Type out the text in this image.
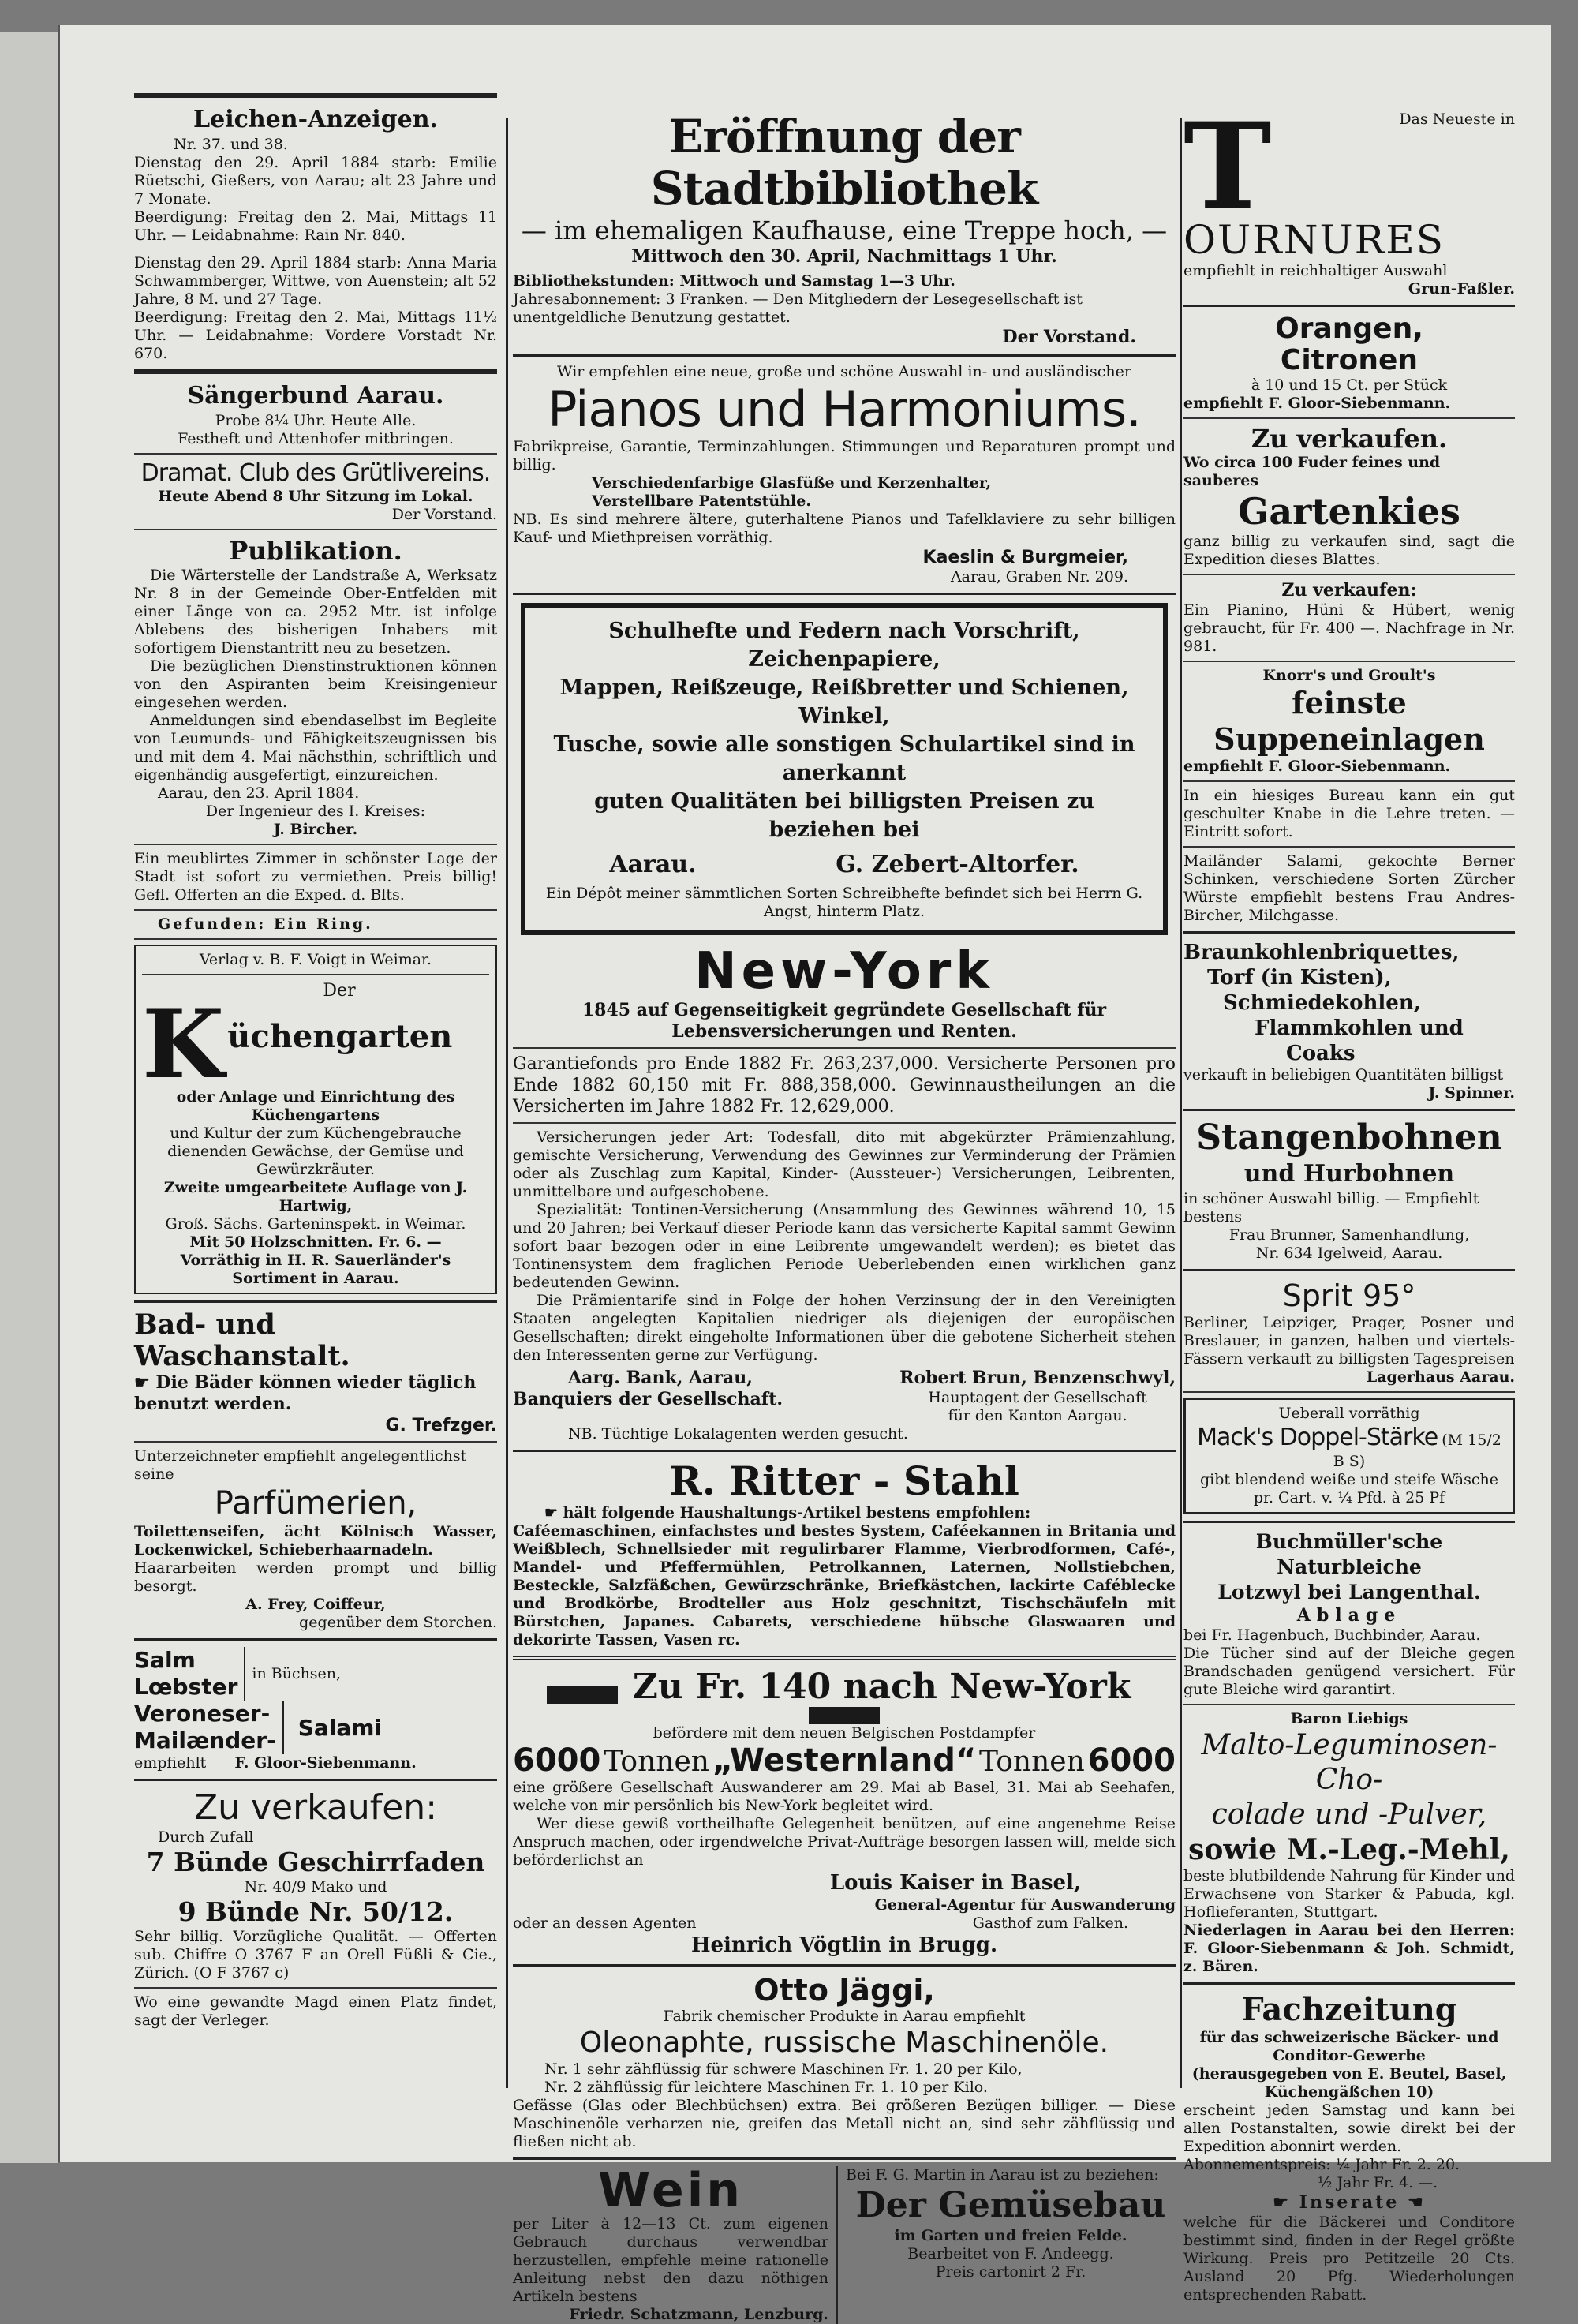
Leichen-Anzeigen.

Nr. 37. und 38.

Dienstag den 29. April 1884 starb: Emilie Rüetschi, Gießers, von Aarau; alt 23 Jahre und 7 Monate.

Beerdigung: Freitag den 2. Mai, Mittags 11 Uhr. — Leidabnahme: Rain Nr. 840.

Dienstag den 29. April 1884 starb: Anna Maria Schwammberger, Wittwe, von Auenstein; alt 52 Jahre, 8 M. und 27 Tage.

Beerdigung: Freitag den 2. Mai, Mittags 11½ Uhr. — Leidabnahme: Vordere Vorstadt Nr. 670.

Sängerbund Aarau.

Probe 8¼ Uhr. Heute Alle.

Festheft und Attenhofer mitbringen.

Dramat. Club des Grütlivereins.

Heute Abend 8 Uhr Sitzung im Lokal.

Der Vorstand.

Publikation.

Die Wärterstelle der Landstraße A, Werksatz Nr. 8 in der Gemeinde Ober-Entfelden mit einer Länge von ca. 2952 Mtr. ist infolge Ablebens des bisherigen Inhabers mit sofortigem Dienstantritt neu zu besetzen.

Die bezüglichen Dienstinstruktionen können von den Aspiranten beim Kreisingenieur eingesehen werden.

Anmeldungen sind ebendaselbst im Begleite von Leumunds- und Fähigkeitszeugnissen bis und mit dem 4. Mai nächsthin, schriftlich und eigenhändig ausgefertigt, einzureichen.

Aarau, den 23. April 1884.

Der Ingenieur des I. Kreises:

J. Bircher.

Ein meublirtes Zimmer in schönster Lage der Stadt ist sofort zu vermiethen. Preis billig! Gefl. Offerten an die Exped. d. Blts.

Gefunden: Ein Ring.

Verlag v. B. F. Voigt in Weimar.

Der

K üchengarten

oder Anlage und Einrichtung des Küchengartens

und Kultur der zum Küchengebrauche dienenden Gewächse, der Gemüse und Gewürzkräuter.

Zweite umgearbeitete Auflage von J. Hartwig,

Groß. Sächs. Garteninspekt. in Weimar.

Mit 50 Holzschnitten. Fr. 6. —

Vorräthig in H. R. Sauerländer's Sortiment in Aarau.

Bad- und Waschanstalt.

☛ Die Bäder können wieder täglich benutzt werden.

G. Trefzger.

Unterzeichneter empfiehlt angelegentlichst seine

Parfümerien,

Toilettenseifen, ächt Kölnisch Wasser, Lockenwickel, Schieberhaarnadeln.

Haararbeiten werden prompt und billig besorgt.

A. Frey, Coiffeur,

gegenüber dem Storchen.

Salm

Lœbster

in Büchsen,

Veroneser-

Mailænder-	Salami

empfiehlt F. Gloor-Siebenmann.

Zu verkaufen:

Durch Zufall

7 Bünde Geschirrfaden

Nr. 40/9 Mako und

9 Bünde Nr. 50/12.

Sehr billig. Vorzügliche Qualität. — Offerten sub. Chiffre O 3767 F an Orell Füßli & Cie., Zürich. (O F 3767 c)

Wo eine gewandte Magd einen Platz findet, sagt der Verleger.

Eröffnung der Stadtbibliothek

— im ehemaligen Kaufhause, eine Treppe hoch, —

Mittwoch den 30. April, Nachmittags 1 Uhr.

Bibliothekstunden: Mittwoch und Samstag 1—3 Uhr.

Jahresabonnement: 3 Franken. — Den Mitgliedern der Lesegesellschaft ist unentgeldliche Benutzung gestattet.

Der Vorstand.

Wir empfehlen eine neue, große und schöne Auswahl in- und ausländischer

Pianos und Harmoniums.

Fabrikpreise, Garantie, Terminzahlungen. Stimmungen und Reparaturen prompt und billig.

Verschiedenfarbige Glasfüße und Kerzenhalter,

Verstellbare Patentstühle.

NB. Es sind mehrere ältere, guterhaltene Pianos und Tafelklaviere zu sehr billigen Kauf- und Miethpreisen vorräthig.

Kaeslin & Burgmeier,

Aarau, Graben Nr. 209.

Schulhefte und Federn nach Vorschrift, Zeichenpapiere,

Mappen, Reißzeuge, Reißbretter und Schienen, Winkel,

Tusche, sowie alle sonstigen Schulartikel sind in anerkannt

guten Qualitäten bei billigsten Preisen zu beziehen bei

Aarau.	G. Zebert-Altorfer.

Ein Dépôt meiner sämmtlichen Sorten Schreibhefte befindet sich bei Herrn G. Angst, hinterm Platz.

New-York

1845 auf Gegenseitigkeit gegründete Gesellschaft für Lebensversicherungen und Renten.

Garantiefonds pro Ende 1882 Fr. 263,237,000. Versicherte Personen pro Ende 1882 60,150 mit Fr. 888,358,000. Gewinnaustheilungen an die Versicherten im Jahre 1882 Fr. 12,629,000.

Versicherungen jeder Art: Todesfall, dito mit abgekürzter Prämienzahlung, gemischte Versicherung, Verwendung des Gewinnes zur Verminderung der Prämien oder als Zuschlag zum Kapital, Kinder- (Aussteuer-) Versicherungen, Leibrenten, unmittelbare und aufgeschobene.

Spezialität: Tontinen-Versicherung (Ansammlung des Gewinnes während 10, 15 und 20 Jahren; bei Verkauf dieser Periode kann das versicherte Kapital sammt Gewinn sofort baar bezogen oder in eine Leibrente umgewandelt werden); es bietet das Tontinensystem dem fraglichen Periode Ueberlebenden einen wirklichen ganz bedeutenden Gewinn.

Die Prämientarife sind in Folge der hohen Verzinsung der in den Vereinigten Staaten angelegten Kapitalien niedriger als diejenigen der europäischen Gesellschaften; direkt eingeholte Informationen über die gebotene Sicherheit stehen den Interessenten gerne zur Verfügung.

Aarg. Bank, Aarau,

Banquiers der Gesellschaft.

Robert Brun, Benzenschwyl,

Hauptagent der Gesellschaft

für den Kanton Aargau.

NB. Tüchtige Lokalagenten werden gesucht.

R. Ritter - Stahl

☛ hält folgende Haushaltungs-Artikel bestens empfohlen:

Caféemaschinen, einfachstes und bestes System, Caféekannen in Britania und Weißblech, Schnellsieder mit regulirbarer Flamme, Vierbrodformen, Café-, Mandel- und Pfeffermühlen, Petrolkannen, Laternen, Nollstiebchen, Besteckle, Salzfäßchen, Gewürzschränke, Briefkästchen, lackirte Caféblecke und Brodkörbe, Brodteller aus Holz geschnitzt, Tischschäufeln mit Bürstchen, Japanes. Cabarets, verschiedene hübsche Glaswaaren und dekorirte Tassen, Vasen rc.

Zu Fr. 140 nach New-York

befördere mit dem neuen Belgischen Postdampfer

6000 Tonnen „Westernland“ Tonnen 6000

eine größere Gesellschaft Auswanderer am 29. Mai ab Basel, 31. Mai ab Seehafen, welche von mir persönlich bis New-York begleitet wird.

Wer diese gewiß vortheilhafte Gelegenheit benützen, auf eine angenehme Reise Anspruch machen, oder irgendwelche Privat-Aufträge besorgen lassen will, melde sich beförderlichst an

Louis Kaiser in Basel,

General-Agentur für Auswanderung

oder an dessen Agenten	Gasthof zum Falken.

Heinrich Vögtlin in Brugg.

Otto Jäggi,

Fabrik chemischer Produkte in Aarau empfiehlt

Oleonaphte, russische Maschinenöle.

Nr. 1 sehr zähflüssig für schwere Maschinen Fr. 1. 20 per Kilo,

Nr. 2 zähflüssig für leichtere Maschinen Fr. 1. 10 per Kilo.

Gefässe (Glas oder Blechbüchsen) extra. Bei größeren Bezügen billiger. — Diese Maschinenöle verharzen nie, greifen das Metall nicht an, sind sehr zähflüssig und fließen nicht ab.

Wein

per Liter à 12—13 Ct. zum eigenen Gebrauch durchaus verwendbar herzustellen, empfehle meine rationelle Anleitung nebst den dazu nöthigen Artikeln bestens

Friedr. Schatzmann, Lenzburg.

Bei F. G. Martin in Aarau ist zu beziehen:

Der Gemüsebau

im Garten und freien Felde.

Bearbeitet von F. Andeegg.

Preis cartonirt 2 Fr.

T	Das Neueste in

OURNURES

empfiehlt in reichhaltiger Auswahl

Grun-Faßler.

Orangen,

Citronen

à 10 und 15 Ct. per Stück

empfiehlt F. Gloor-Siebenmann.

Zu verkaufen.

Wo circa 100 Fuder feines und sauberes

Gartenkies

ganz billig zu verkaufen sind, sagt die Expedition dieses Blattes.

Zu verkaufen:

Ein Pianino, Hüni & Hübert, wenig gebraucht, für Fr. 400 —. Nachfrage in Nr. 981.

Knorr's und Groult's

feinste Suppeneinlagen

empfiehlt F. Gloor-Siebenmann.

In ein hiesiges Bureau kann ein gut geschulter Knabe in die Lehre treten. — Eintritt sofort.

Mailänder Salami, gekochte Berner Schinken, verschiedene Sorten Zürcher Würste empfiehlt bestens Frau Andres-Bircher, Milchgasse.

Braunkohlenbriquettes,

Torf (in Kisten),

Schmiedekohlen,

Flammkohlen und

Coaks

verkauft in beliebigen Quantitäten billigst

J. Spinner.

Stangenbohnen

und Hurbohnen

in schöner Auswahl billig. — Empfiehlt bestens

Frau Brunner, Samenhandlung,

Nr. 634 Igelweid, Aarau.

Sprit 95°

Berliner, Leipziger, Prager, Posner und Breslauer, in ganzen, halben und viertels-Fässern verkauft zu billigsten Tagespreisen

Lagerhaus Aarau.

Ueberall vorräthig

Mack's Doppel-Stärke (M 15/2 B S)

gibt blendend weiße und steife Wäsche

pr. Cart. v. ¼ Pfd. à 25 Pf

Buchmüller'sche Naturbleiche

Lotzwyl bei Langenthal.

Ablage

bei Fr. Hagenbuch, Buchbinder, Aarau.

Die Tücher sind auf der Bleiche gegen Brandschaden genügend versichert. Für gute Bleiche wird garantirt.

Baron Liebigs

Malto-Leguminosen-Cho-

colade und -Pulver,

sowie M.-Leg.-Mehl,

beste blutbildende Nahrung für Kinder und Erwachsene von Starker & Pabuda, kgl. Hoflieferanten, Stuttgart.

Niederlagen in Aarau bei den Herren: F. Gloor-Siebenmann & Joh. Schmidt, z. Bären.

Fachzeitung

für das schweizerische Bäcker- und Conditor-Gewerbe

(herausgegeben von E. Beutel, Basel, Küchengäßchen 10)

erscheint jeden Samstag und kann bei allen Postanstalten, sowie direkt bei der Expedition abonnirt werden.

Abonnementspreis: ¼ Jahr Fr. 2. 20.

½ Jahr Fr. 4. —.

☛ Inserate ☚

welche für die Bäckerei und Conditore bestimmt sind, finden in der Regel größte Wirkung. Preis pro Petitzeile 20 Cts. Ausland 20 Pfg. Wiederholungen entsprechenden Rabatt.
